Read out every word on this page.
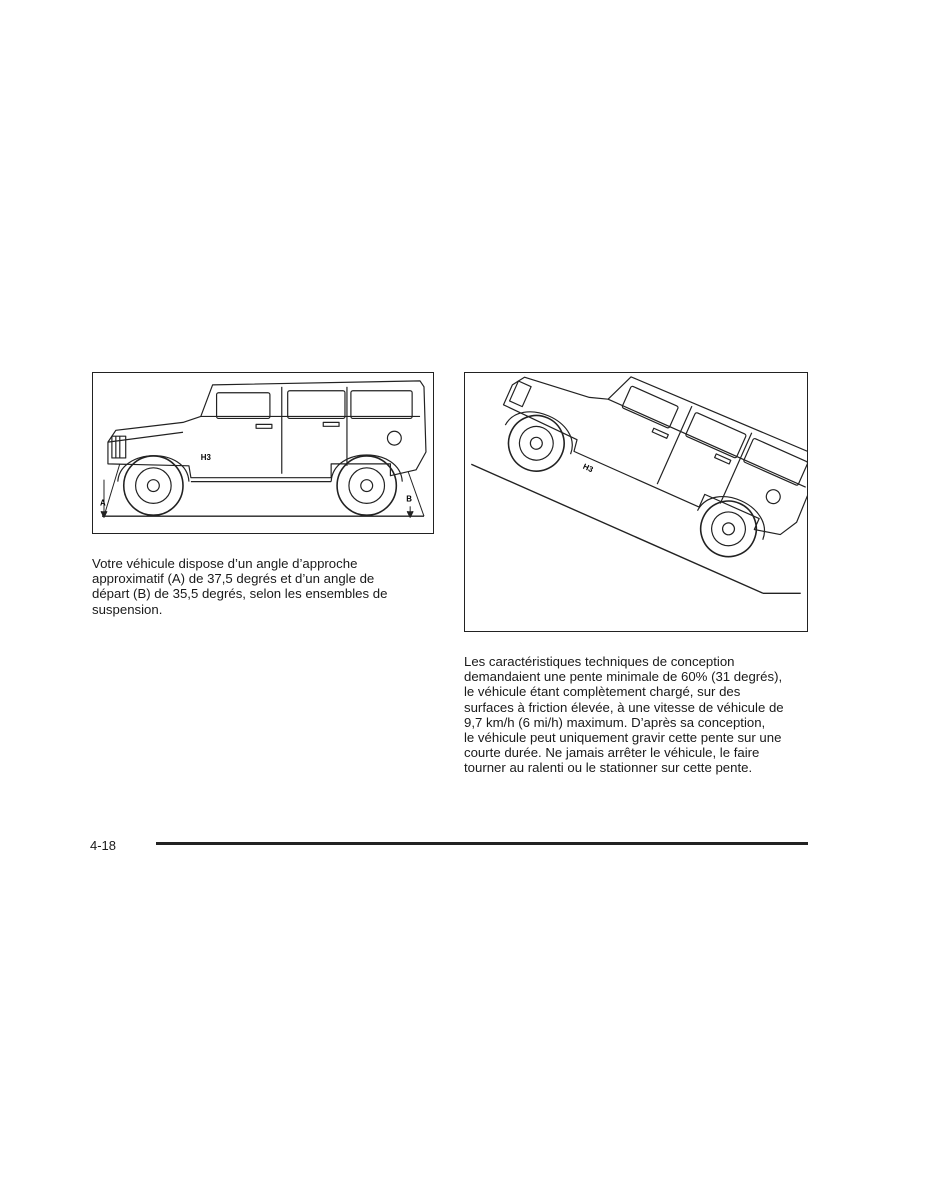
A	B
H3
H3

Votre véhicule dispose d’un angle d’approche
approximatif (A) de 37,5 degrés et d’un angle de
départ (B) de 35,5 degrés, selon les ensembles de
suspension.

Les caractéristiques techniques de conception
demandaient une pente minimale de 60% (31 degrés),
le véhicule étant complètement chargé, sur des
surfaces à friction élevée, à une vitesse de véhicule de
9,7 km/h (6 mi/h) maximum. D’après sa conception,
le véhicule peut uniquement gravir cette pente sur une
courte durée. Ne jamais arrêter le véhicule, le faire
tourner au ralenti ou le stationner sur cette pente.

4-18
